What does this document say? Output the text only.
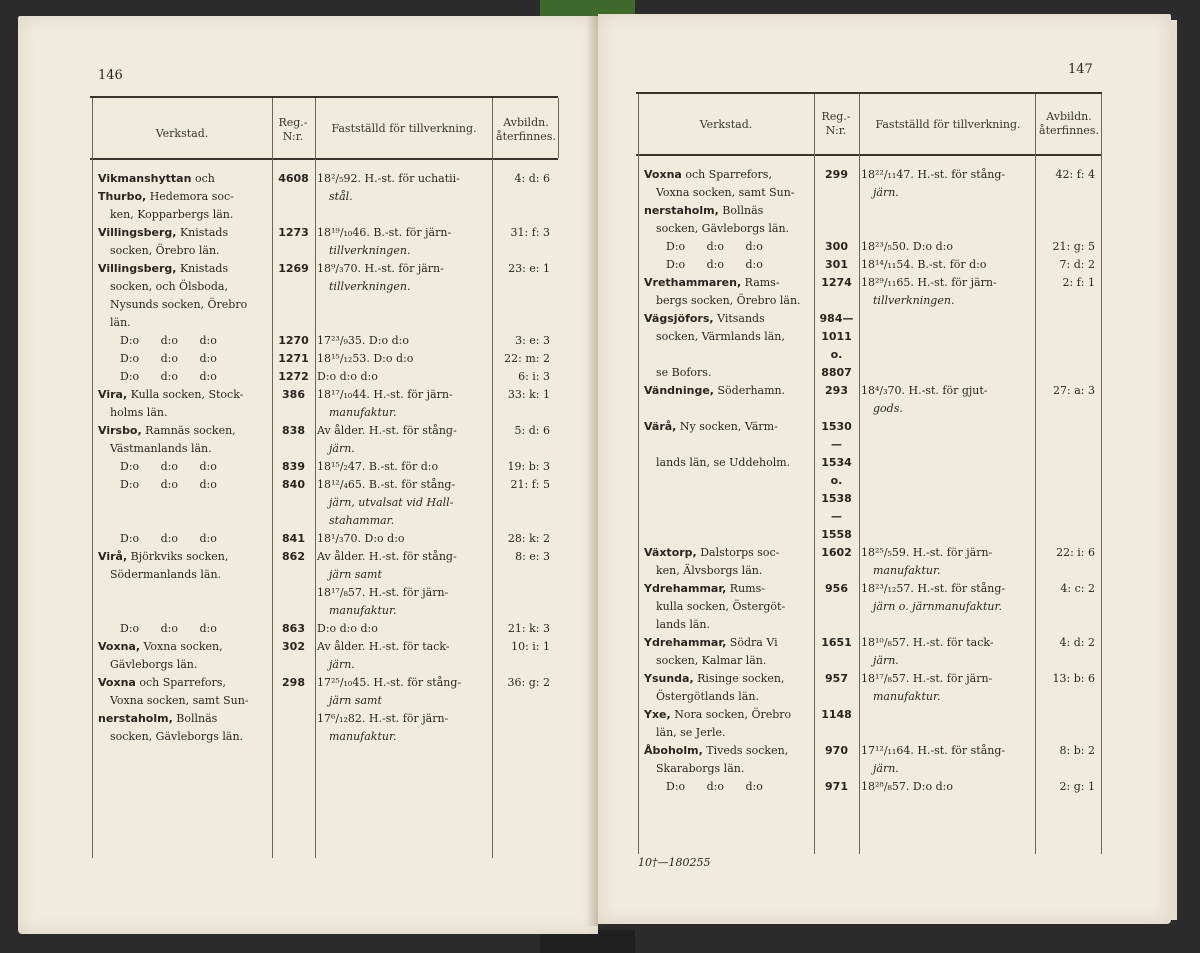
146
Verkstad.
Reg.-
N:r.
Fastställd för tillverkning.	Avbildn.
återfinnes.
Vikmanshyttan och	4608 18²/₅92. H.-st. för uchatii-	4: d: 6
Thurbo, Hedemora soc-	stål.
ken, Kopparbergs län.
Villingsberg, Knistads	1273 18¹⁹/₁₀46. B.-st. för järn-	31: f: 3
socken, Örebro län.	tillverkningen.
Villingsberg, Knistads	1269 18⁹/₃70. H.-st. för järn-	23: e: 1
socken, och Ölsboda,	tillverkningen.
Nysunds socken, Örebro
län.
D:o d:o d:o	1270 17²³/₉35. D:o d:o	3: e: 3
D:o d:o d:o	1271 18¹⁵/₁₂53. D:o d:o	22: m: 2
D:o d:o d:o	1272 D:o d:o d:o	6: i: 3
Vira, Kulla socken, Stock-	386	18¹⁷/₁₀44. H.-st. för järn-	33: k: 1
holms län.	manufaktur.
Virsbo, Ramnäs socken,	838	Av ålder. H.-st. för stång-	5: d: 6
Västmanlands län.	järn.
D:o d:o d:o	839	18¹⁵/₂47. B.-st. för d:o	19: b: 3
D:o d:o d:o	840	18¹²/₄65. B.-st. för stång-	21: f: 5
järn, utvalsat vid Hall-
stahammar.
D:o d:o d:o	841	18¹/₃70. D:o d:o	28: k: 2
Virå, Björkviks socken,	862	Av ålder. H.-st. för stång-	8: e: 3
Södermanlands län.	järn samt
18¹⁷/₈57. H.-st. för järn-
manufaktur.
D:o d:o d:o	863	D:o d:o d:o	21: k: 3
Voxna, Voxna socken,	302	Av ålder. H.-st. för tack-	10: i: 1
Gävleborgs län.	järn.
Voxna och Sparrefors,	298	17²⁵/₁₀45. H.-st. för stång-	36: g: 2
Voxna socken, samt Sun-	järn samt
nerstaholm, Bollnäs	17⁶/₁₂82. H.-st. för järn-
socken, Gävleborgs län.	manufaktur.
147
Verkstad.
Reg.-
N:r.	Fastställd för tillverkning.
Avbildn.
återfinnes.
Voxna och Sparrefors,	299	18²²/₁₁47. H.-st. för stång-	42: f: 4
Voxna socken, samt Sun-	järn.
nerstaholm, Bollnäs
socken, Gävleborgs län.
D:o d:o d:o	300	18²³/₅50. D:o d:o	21: g: 5
D:o d:o d:o	301	18¹⁴/₁₁54. B.-st. för d:o	7: d: 2
Vrethammaren, Rams-	1274 18²⁹/₁₁65. H.-st. för järn-	2: f: 1
bergs socken, Örebro län.	tillverkningen.
Vägsjöfors, Vitsands	984—
socken, Värmlands län,	1011 o.
se Bofors.	8807
Vändninge, Söderhamn.	293	18⁴/₃70. H.-st. för gjut-	27: a: 3
gods.
Värå, Ny socken, Värm-	1530—
lands län, se Uddeholm.	1534 o.
1538—
1558
Växtorp, Dalstorps soc-	1602 18²⁵/₅59. H.-st. för järn-	22: i: 6
ken, Älvsborgs län.	manufaktur.
Ydrehammar, Rums-	956	18²³/₁₂57. H.-st. för stång-	4: c: 2
kulla socken, Östergöt-	järn o. järnmanufaktur.
lands län.
Ydrehammar, Södra Vi	1651 18¹⁰/₈57. H.-st. för tack-	4: d: 2
socken, Kalmar län.	järn.
Ysunda, Risinge socken,	957	18¹⁷/₈57. H.-st. för järn-	13: b: 6
Östergötlands län.	manufaktur.
Yxe, Nora socken, Örebro	1148
län, se Jerle.
Åboholm, Tiveds socken,	970	17¹²/₁₁64. H.-st. för stång-	8: b: 2
Skaraborgs län.	järn.
D:o d:o d:o	971	18²⁸/₈57. D:o d:o	2: g: 1
10†—180255
